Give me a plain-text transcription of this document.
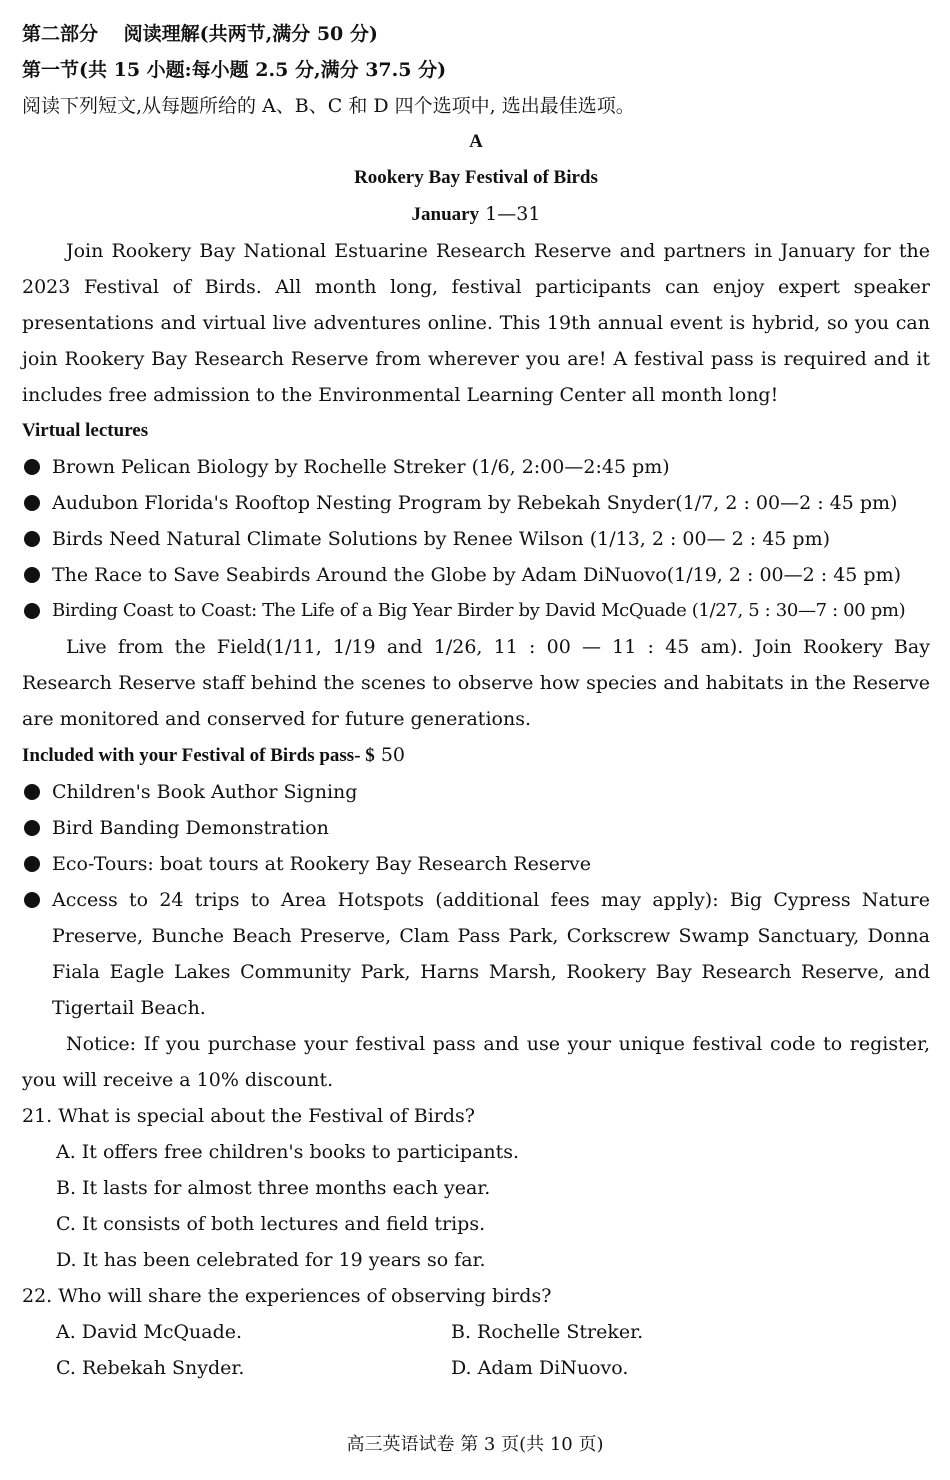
第二部分　 阅读理解(共两节,满分 50 分)
第一节(共 15 小题:每小题 2.5 分,满分 37.5 分)
阅读下列短文,从每题所给的 A、B、C 和 D 四个选项中, 选出最佳选项。
A
Rookery Bay Festival of Birds
January 1—31
Join Rookery Bay National Estuarine Research Reserve and partners in January for the 2023 Festival of Birds. All month long, festival participants can enjoy expert speaker presentations and virtual live adventures online. This 19th annual event is hybrid, so you can join Rookery Bay Research Reserve from wherever you are! A festival pass is required and it includes free admission to the Environmental Learning Center all month long!
Virtual lectures
Brown Pelican Biology by Rochelle Streker (1/6, 2:00—2:45 pm)
Audubon Florida's Rooftop Nesting Program by Rebekah Snyder(1/7, 2 : 00—2 : 45 pm)
Birds Need Natural Climate Solutions by Renee Wilson (1/13, 2 : 00— 2 : 45 pm)
The Race to Save Seabirds Around the Globe by Adam DiNuovo(1/19, 2 : 00—2 : 45 pm)
Birding Coast to Coast: The Life of a Big Year Birder by David McQuade (1/27, 5 : 30—7 : 00 pm)
Live from the Field(1/11, 1/19 and 1/26, 11 : 00 — 11 : 45 am). Join Rookery Bay Research Reserve staff behind the scenes to observe how species and habitats in the Reserve are monitored and conserved for future generations.
Included with your Festival of Birds pass- $ 50
Children's Book Author Signing
Bird Banding Demonstration
Eco-Tours: boat tours at Rookery Bay Research Reserve
Access to 24 trips to Area Hotspots (additional fees may apply): Big Cypress Nature Preserve, Bunche Beach Preserve, Clam Pass Park, Corkscrew Swamp Sanctuary, Donna Fiala Eagle Lakes Community Park, Harns Marsh, Rookery Bay Research Reserve, and Tigertail Beach.
Notice: If you purchase your festival pass and use your unique festival code to register, you will receive a 10% discount.
21. What is special about the Festival of Birds?
A. It offers free children's books to participants.
B. It lasts for almost three months each year.
C. It consists of both lectures and field trips.
D. It has been celebrated for 19 years so far.
22. Who will share the experiences of observing birds?
A. David McQuade.	B. Rochelle Streker.
C. Rebekah Snyder.	D. Adam DiNuovo.
高三英语试卷 第 3 页(共 10 页)
